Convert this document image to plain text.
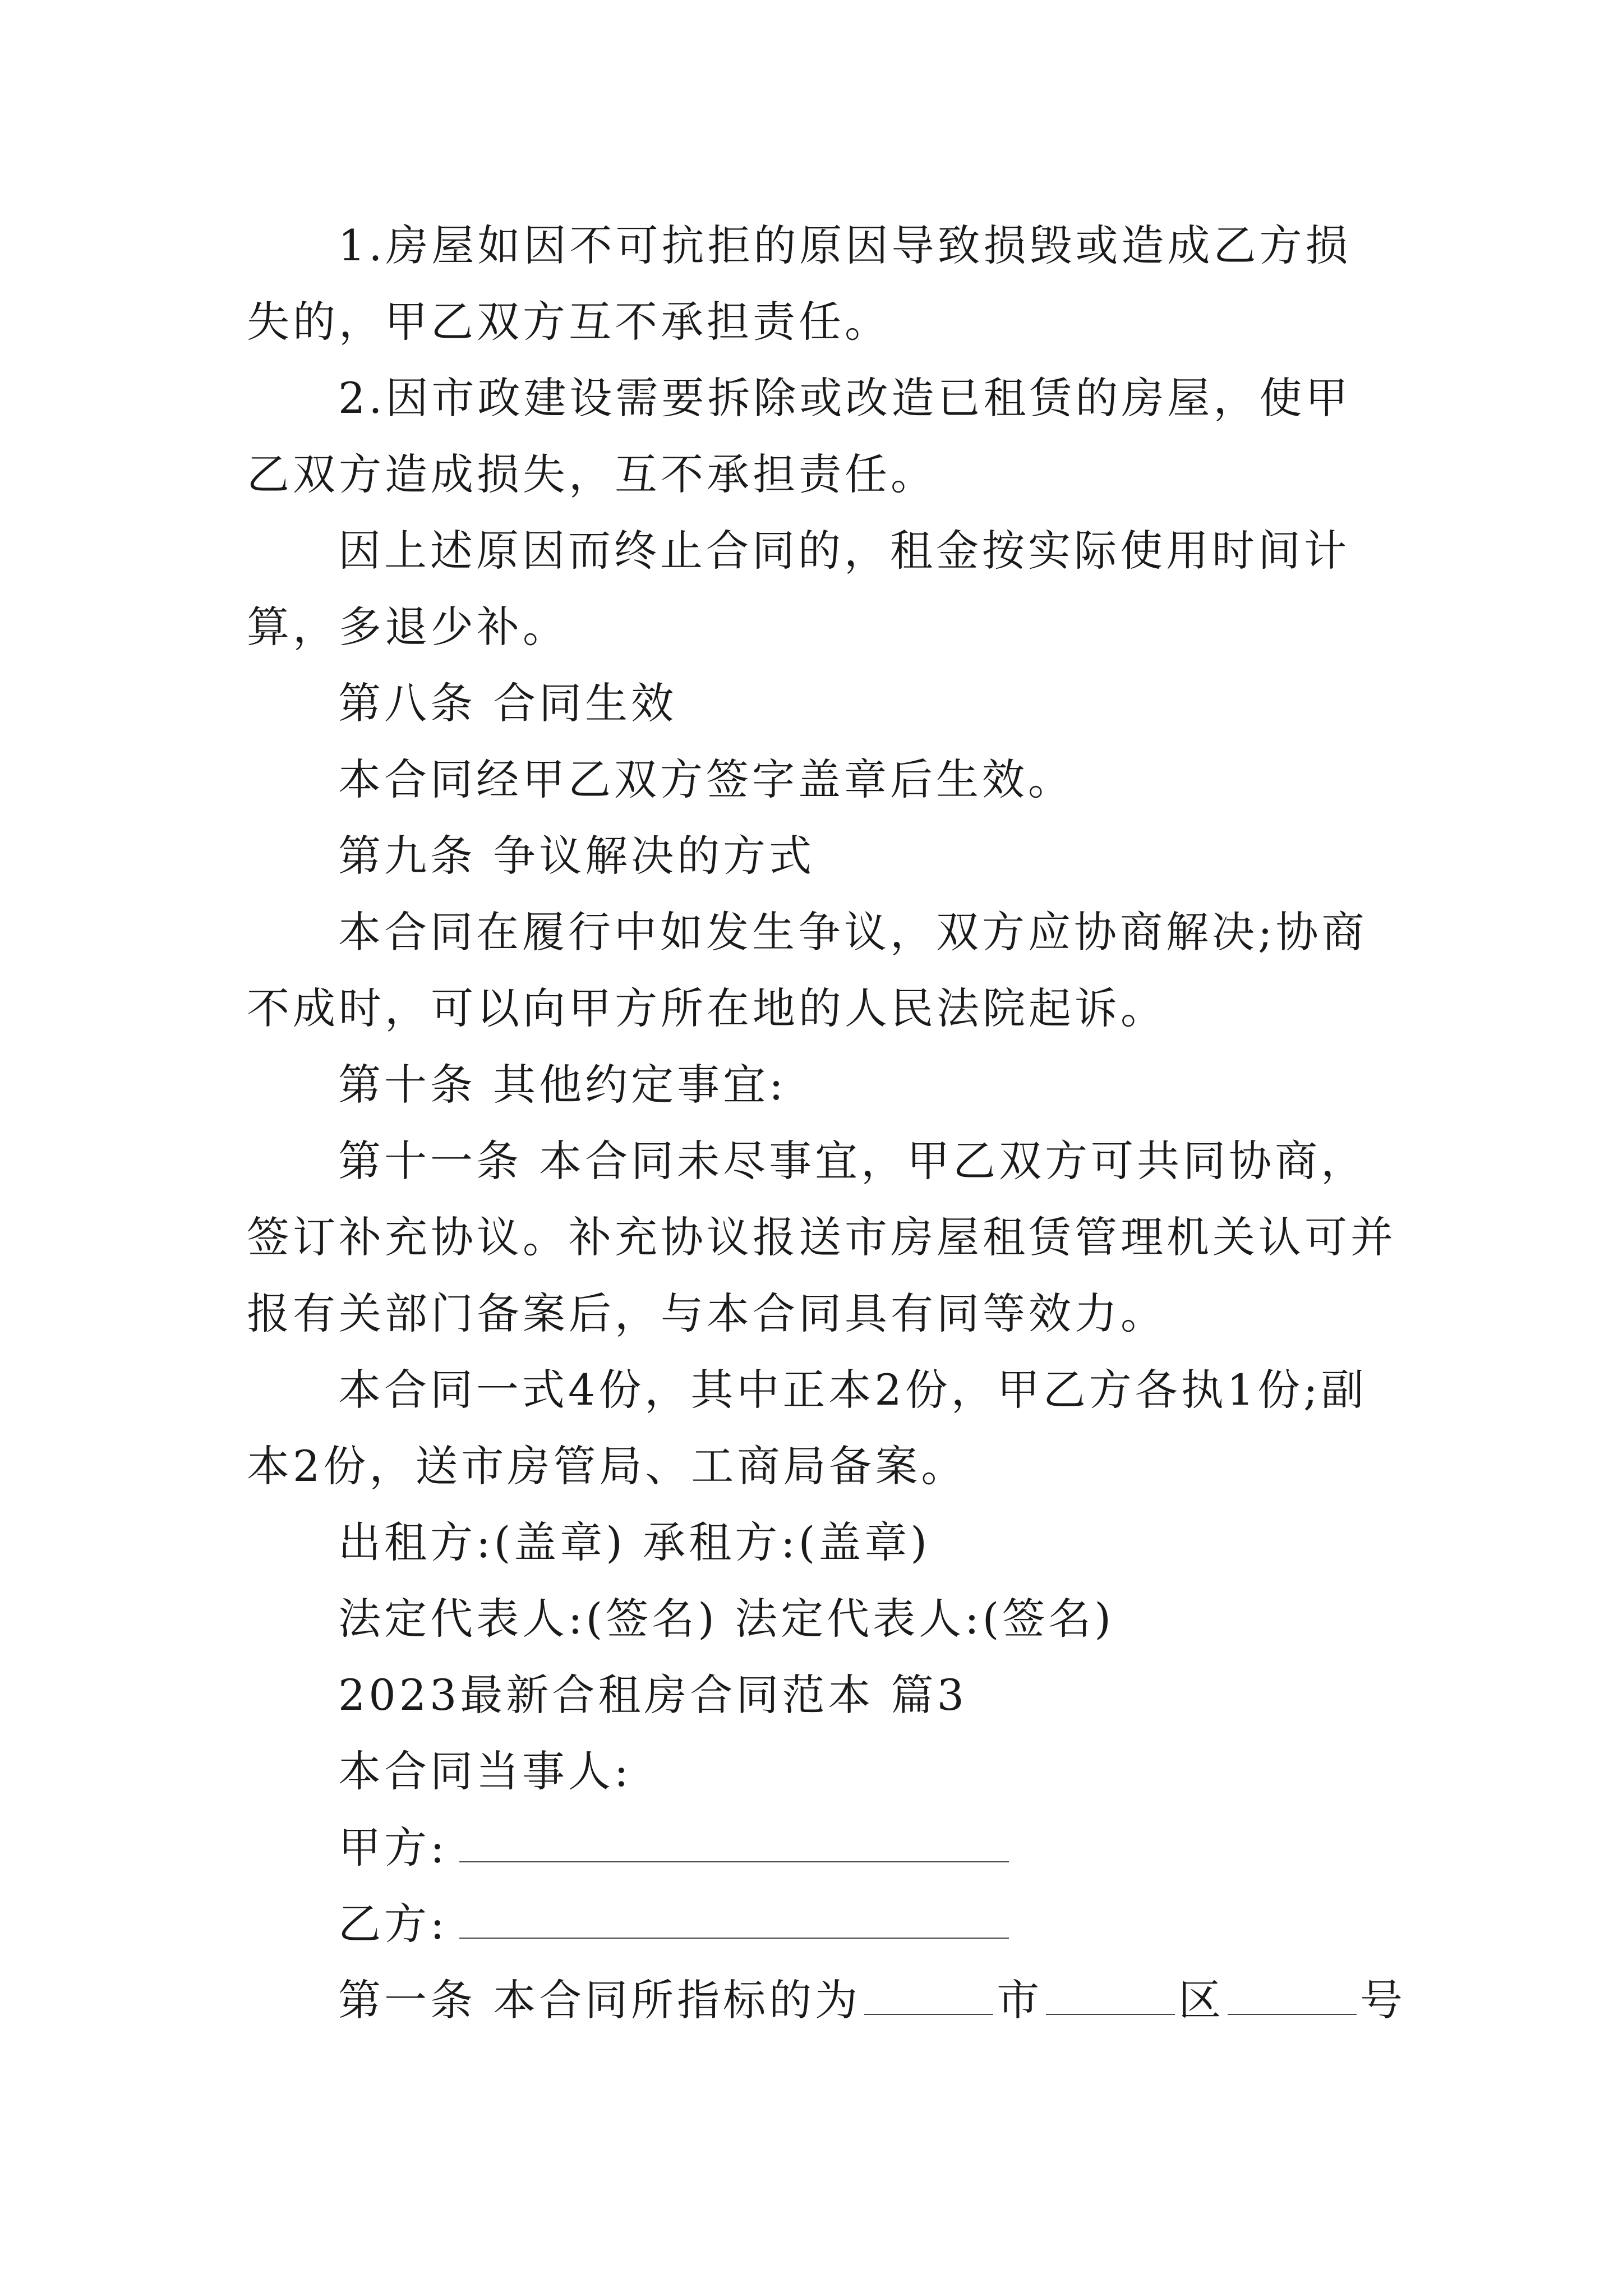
1.房屋如因不可抗拒的原因导致损毁或造成乙方损失的，甲乙双方互不承担责任。

2.因市政建设需要拆除或改造已租赁的房屋，使甲乙双方造成损失，互不承担责任。

因上述原因而终止合同的，租金按实际使用时间计算，多退少补。

第八条 合同生效

本合同经甲乙双方签字盖章后生效。

第九条 争议解决的方式

本合同在履行中如发生争议，双方应协商解决;协商不成时，可以向甲方所在地的人民法院起诉。

第十条 其他约定事宜:

第十一条 本合同未尽事宜，甲乙双方可共同协商，签订补充协议。补充协议报送市房屋租赁管理机关认可并报有关部门备案后，与本合同具有同等效力。

本合同一式4份，其中正本2份，甲乙方各执1份;副本2份，送市房管局、工商局备案。

出租方:(盖章) 承租方:(盖章)

法定代表人:(签名) 法定代表人:(签名)

2023最新合租房合同范本 篇3

本合同当事人:

甲方:

乙方:

第一条 本合同所指标的为	市	区	号
